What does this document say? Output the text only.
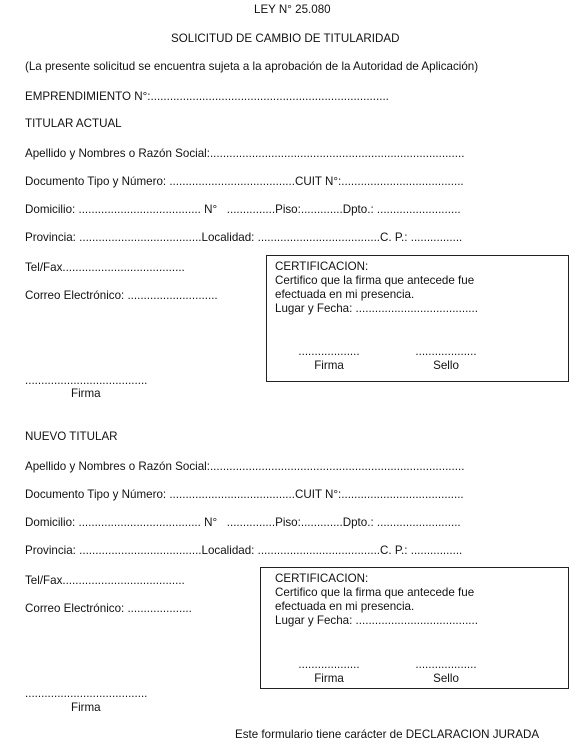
LEY N° 25.080
SOLICITUD DE CAMBIO DE TITULARIDAD
(La presente solicitud se encuentra sujeta a la aprobación de la Autoridad de Aplicación)
EMPRENDIMIENTO N°:..........................................................................
TITULAR ACTUAL
Apellido y Nombres o Razón Social:...............................................................................
Documento Tipo y Número: .......................................CUIT N°:......................................
Domicilio: ...................................... N°   ...............Piso:.............Dpto.: ..........................
Provincia: ......................................Localidad: ......................................C. P.: ................
Tel/Fax......................................
Correo Electrónico: ............................
......................................
Firma
CERTIFICACION:
Certifico que la firma que antecede fue
efectuada en mi presencia.
Lugar y Fecha: ......................................
...................	...................
Firma	Sello
NUEVO TITULAR
Apellido y Nombres o Razón Social:...............................................................................
Documento Tipo y Número: .......................................CUIT N°:......................................
Domicilio: ...................................... N°   ...............Piso:.............Dpto.: ..........................
Provincia: ......................................Localidad: ......................................C. P.: ................
Tel/Fax......................................
Correo Electrónico: ....................
......................................
Firma
CERTIFICACION:
Certifico que la firma que antecede fue
efectuada en mi presencia.
Lugar y Fecha: ......................................
...................	...................
Firma	Sello
Este formulario tiene carácter de DECLARACION JURADA
